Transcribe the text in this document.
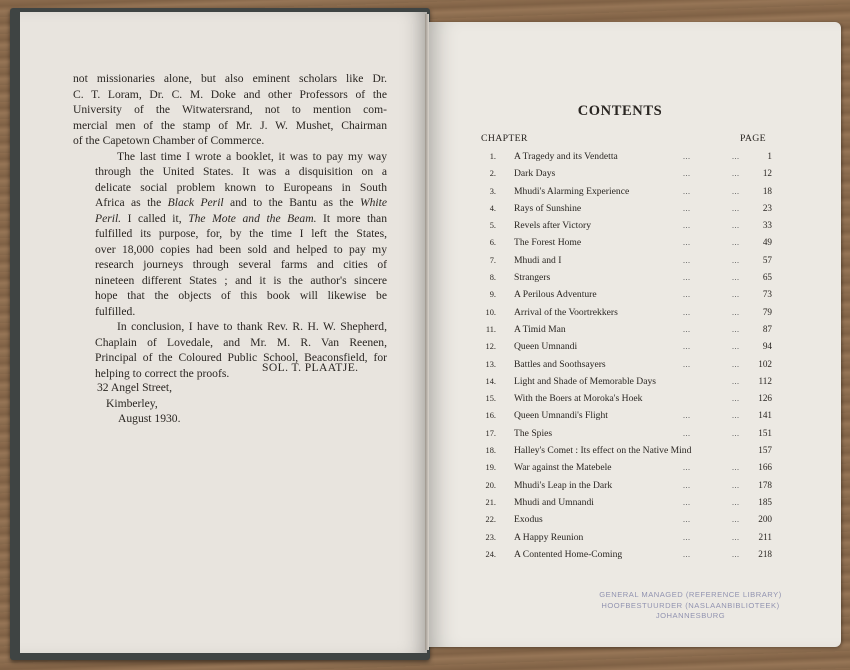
not missionaries alone, but also eminent scholars like Dr.
C. T. Loram, Dr. C. M. Doke and other Professors of the
University of the Witwatersrand, not to mention com-
mercial men of the stamp of Mr. J. W. Mushet, Chairman
of the Capetown Chamber of Commerce.
The last time I wrote a booklet, it was to pay my way
through the United States. It was a disquisition on a
delicate social problem known to Europeans in South
Africa as the Black Peril and to the Bantu as the White
Peril. I called it, The Mote and the Beam. It more than
fulfilled its purpose, for, by the time I left the States,
over 18,000 copies had been sold and helped to pay my
research journeys through several farms and cities of
nineteen different States ; and it is the author's sincere
hope that the objects of this book will likewise be
fulfilled.
In conclusion, I have to thank Rev. R. H. W. Shepherd,
Chaplain of Lovedale, and Mr. M. R. Van Reenen,
Principal of the Coloured Public School, Beaconsfield, for
helping to correct the proofs.	SOL. T. PLAATJE.
32 Angel Street,
Kimberley,
August 1930.
CONTENTS
CHAPTER	PAGE
1. A Tragedy and its Vendetta	...	...	1
2. Dark Days	...	...	12
3. Mhudi's Alarming Experience	...	...	18
4. Rays of Sunshine	...	...	23
5. Revels after Victory	...	...	33
6. The Forest Home	...	...	49
7. Mhudi and I	...	...	57
8. Strangers	...	...	65
9. A Perilous Adventure	...	...	73
10. Arrival of the Voortrekkers	...	...	79
11. A Timid Man	...	...	87
12. Queen Umnandi	...	...	94
13. Battles and Soothsayers	...	... 102
14. Light and Shade of Memorable Days	... 112
15. With the Boers at Moroka's Hoek	... 126
16. Queen Umnandi's Flight	...	... 141
17. The Spies	...	... 151
18. Halley's Comet : Its effect on the Native Mind	157
19. War against the Matebele	...	... 166
20. Mhudi's Leap in the Dark	...	... 178
21. Mhudi and Umnandi	...	... 185
22. Exodus	...	... 200
23. A Happy Reunion	...	... 211
24. A Contented Home-Coming	...	... 218
GENERAL MANAGED (REFERENCE LIBRARY)
HOOFBESTUURDER (NASLAANBIBLIOTEEK)
JOHANNESBURG
